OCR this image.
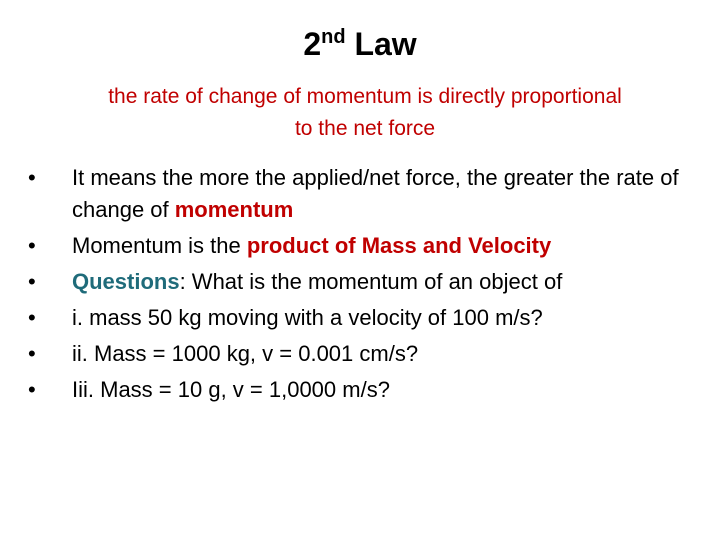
2nd Law
the rate of change of momentum is directly proportional to the net force
•	It means the more the applied/net force, the greater the rate of change of momentum
•	Momentum is the product of Mass and Velocity
•	Questions: What is the momentum of an object of
•	i. mass 50 kg moving with a velocity of 100 m/s?
•	ii. Mass = 1000 kg, v = 0.001 cm/s?
•	Iii. Mass = 10 g, v = 1,0000 m/s?
